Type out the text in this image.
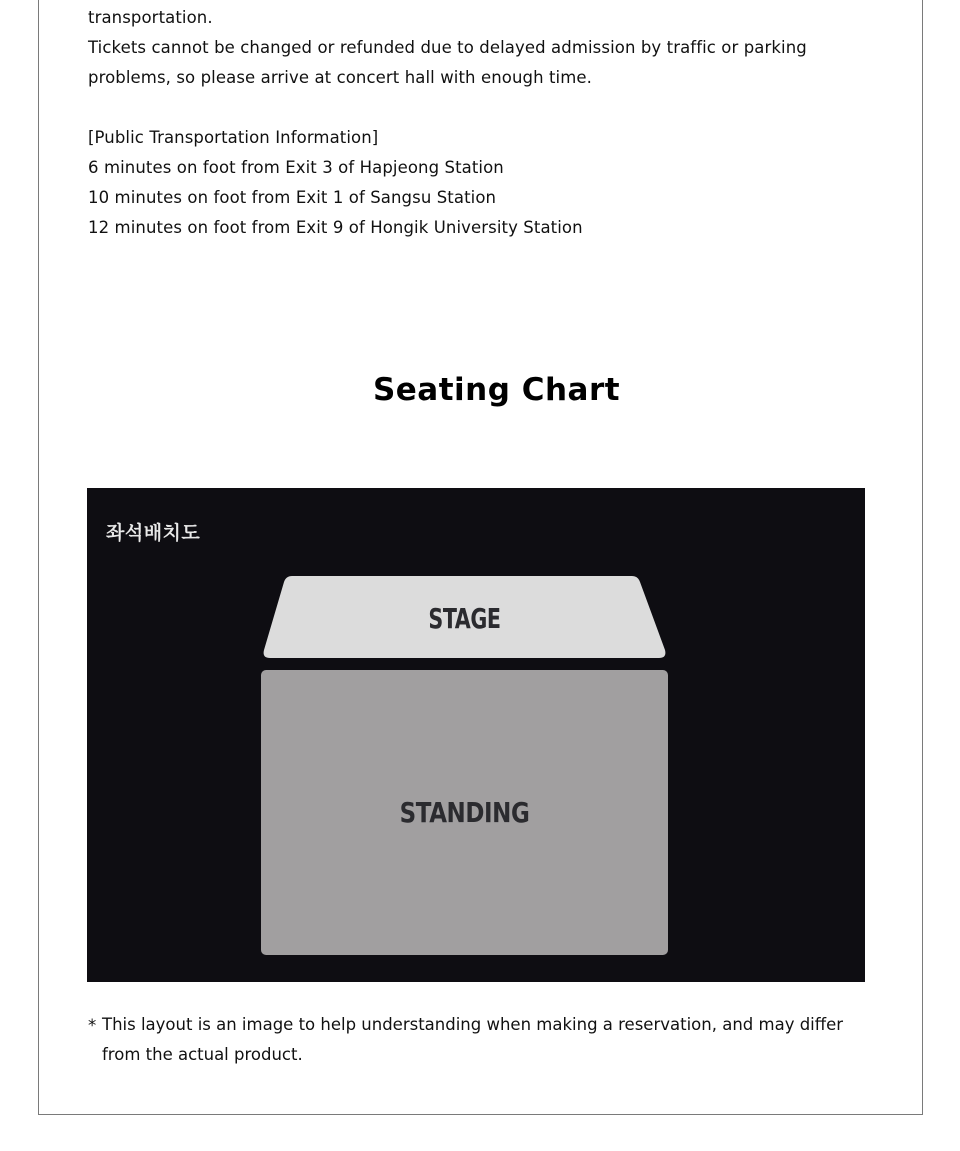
transportation.
Tickets cannot be changed or refunded due to delayed admission by traffic or parking
problems, so please arrive at concert hall with enough time.
[Public Transportation Information]
6 minutes on foot from Exit 3 of Hapjeong Station
10 minutes on foot from Exit 1 of Sangsu Station
12 minutes on foot from Exit 9 of Hongik University Station
Seating Chart
좌석배치도
STAGE
STANDING
* This layout is an image to help understanding when making a reservation, and may differ
from the actual product.
